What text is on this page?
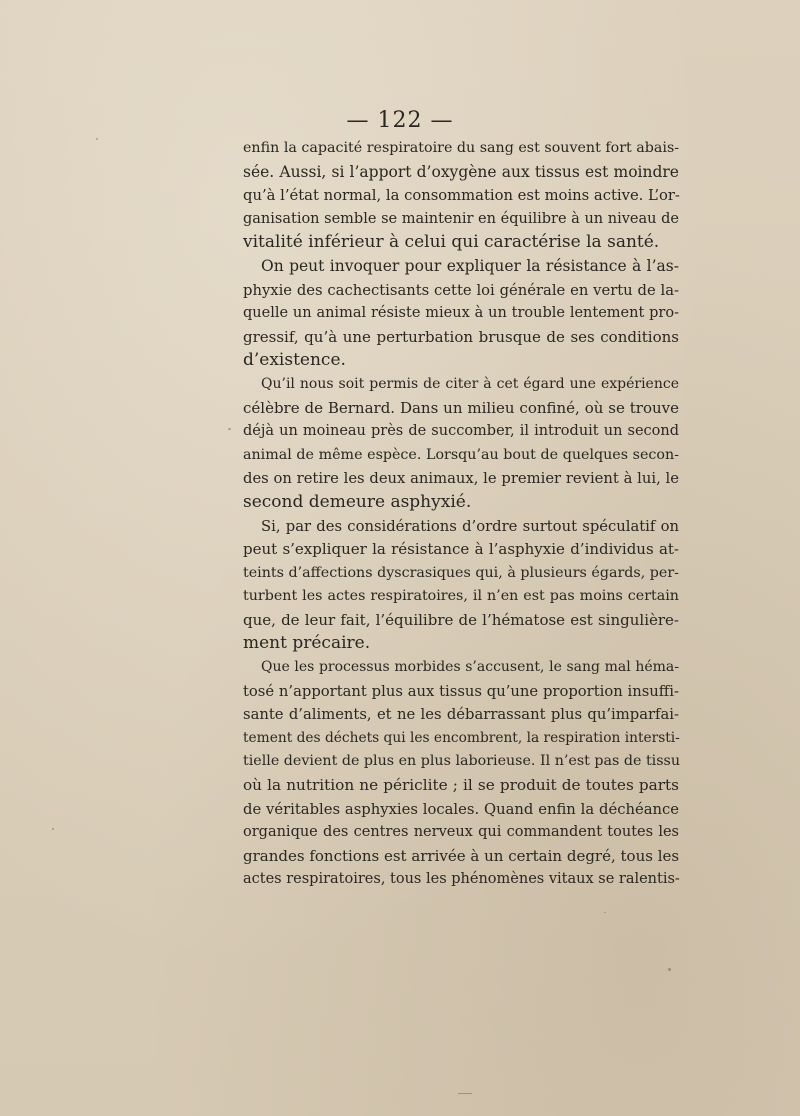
— 122 —
enfin la capacité respiratoire du sang est souvent fort abais-
sée. Aussi, si l’apport d’oxygène aux tissus est moindre
qu’à l’état normal, la consommation est moins active. L’or-
ganisation semble se maintenir en équilibre à un niveau de
vitalité inférieur à celui qui caractérise la santé.
On peut invoquer pour expliquer la résistance à l’as-
phyxie des cachectisants cette loi générale en vertu de la-
quelle un animal résiste mieux à un trouble lentement pro-
gressif, qu’à une perturbation brusque de ses conditions
d’existence.
Qu’il nous soit permis de citer à cet égard une expérience
célèbre de Bernard. Dans un milieu confiné, où se trouve
déjà un moineau près de succomber, il introduit un second
animal de même espèce. Lorsqu’au bout de quelques secon-
des on retire les deux animaux, le premier revient à lui, le
second demeure asphyxié.
Si, par des considérations d’ordre surtout spéculatif on
peut s’expliquer la résistance à l’asphyxie d’individus at-
teints d’affections dyscrasiques qui, à plusieurs égards, per-
turbent les actes respiratoires, il n’en est pas moins certain
que, de leur fait, l’équilibre de l’hématose est singulière-
ment précaire.
Que les processus morbides s’accusent, le sang mal héma-
tosé n’apportant plus aux tissus qu’une proportion insuffi-
sante d’aliments, et ne les débarrassant plus qu’imparfai-
tement des déchets qui les encombrent, la respiration intersti-
tielle devient de plus en plus laborieuse. Il n’est pas de tissu
où la nutrition ne périclite ; il se produit de toutes parts
de véritables asphyxies locales. Quand enfin la déchéance
organique des centres nerveux qui commandent toutes les
grandes fonctions est arrivée à un certain degré, tous les
actes respiratoires, tous les phénomènes vitaux se ralentis-
